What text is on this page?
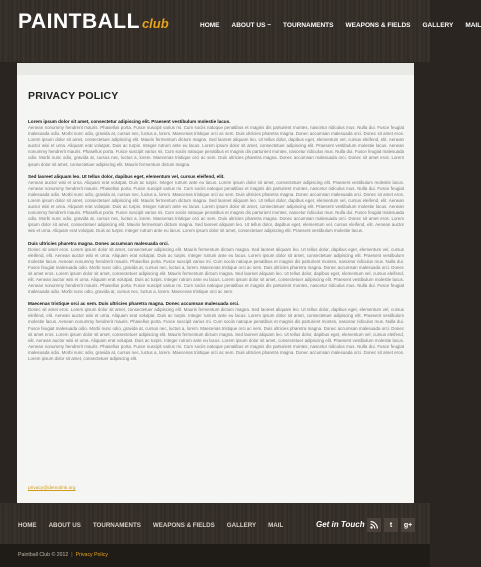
PAINTBALL club	HOME ABOUT US ~ TOURNAMENTS WEAPONS & FIELDS GALLERY MAIL
PRIVACY POLICY
Lorem ipsum dolor sit amet, consectetur adipiscing elit. Praesent vestibulum molestie lacus.
Aenean nonummy hendrerit mauris. Phasellus porta. Fusce suscipit varius mi. Cum sociis natoque penatibus et magnis dis parturient montes, nascetur ridiculus mus. Nulla dui. Fusce feugiat malesuada odio. Morbi nunc odio, gravida at, cursus nec, luctus a, lorem. Maecenas tristique orci ac sem. Duis ultricies pharetra magna. Donec accumsan malesuada orci. Donec sit amet eros. Lorem ipsum dolor sit amet, consectetuer adipiscing elit. Mauris fermentum dictum magna. Sed laoreet aliquam leo. Ut tellus dolor, dapibus eget, elementum vel, cursus eleifend, elit. Aenean auctor wisi et urna. Aliquam erat volutpat. Duis ac turpis. Integer rutrum ante eu lacus. Lorem ipsum dolor sit amet, consectetuer adipiscing elit. Praesent vestibulum molestie lacus. Aenean nonummy hendrerit mauris. Phasellus porta. Fusce suscipit varius mi. Cum sociis natoque penatibus et magnis dis parturient montes, nascetur ridiculus mus. Nulla dui. Fusce feugiat malesuada odio. Morbi nunc odio, gravida at, cursus nec, luctus a, lorem. Maecenas tristique orci ac sem. Duis ultricies pharetra magna. Donec accumsan malesuada orci. Donec sit amet eros. Lorem ipsum dolor sit amet, consectetuer adipiscing elit. Mauris fermentum dictum magna.
Sed laoreet aliquam leo. Ut tellus dolor, dapibus eget, elementum vel, cursus eleifend, elit.
Aenean auctor wisi et urna. Aliquam erat volutpat. Duis ac turpis. Integer rutrum ante eu lacus. Lorem ipsum dolor sit amet, consectetuer adipiscing elit. Praesent vestibulum molestie lacus. Aenean nonummy hendrerit mauris. Phasellus porta. Fusce suscipit varius mi. Cum sociis natoque penatibus et magnis dis parturient montes, nascetur ridiculus mus. Nulla dui. Fusce feugiat malesuada odio. Morbi nunc odio, gravida at, cursus nec, luctus a, lorem. Maecenas tristique orci ac sem. Duis ultricies pharetra magna. Donec accumsan malesuada orci. Donec sit amet eros. Lorem ipsum dolor sit amet, consectetuer adipiscing elit. Mauris fermentum dictum magna. Sed laoreet aliquam leo. Ut tellus dolor, dapibus eget, elementum vel, cursus eleifend, elit. Aenean auctor wisi et urna. Aliquam erat volutpat. Duis ac turpis. Integer rutrum ante eu lacus. Lorem ipsum dolor sit amet, consectetuer adipiscing elit. Praesent vestibulum molestie lacus. Aenean nonummy hendrerit mauris. Phasellus porta. Fusce suscipit varius mi. Cum sociis natoque penatibus et magnis dis parturient montes, nascetur ridiculus mus. Nulla dui. Fusce feugiat malesuada odio. Morbi nunc odio, gravida at, cursus nec, luctus a, lorem. Maecenas tristique orci ac sem. Duis ultricies pharetra magna. Donec accumsan malesuada orci. Donec sit amet eros. Lorem ipsum dolor sit amet, consectetuer adipiscing elit. Mauris fermentum dictum magna. Sed laoreet aliquam leo. Ut tellus dolor, dapibus eget, elementum vel, cursus eleifend, elit. Aenean auctor wisi et urna. Aliquam erat volutpat. Duis ac turpis. Integer rutrum ante eu lacus. Lorem ipsum dolor sit amet, consectetuer adipiscing elit. Praesent vestibulum molestie lacus.
Duis ultricies pharetra magna. Donec accumsan malesuada orci.
Donec sit amet eros. Lorem ipsum dolor sit amet, consectetuer adipiscing elit. Mauris fermentum dictum magna. Sed laoreet aliquam leo. Ut tellus dolor, dapibus eget, elementum vel, cursus eleifend, elit. Aenean auctor wisi et urna. Aliquam erat volutpat. Duis ac turpis. Integer rutrum ante eu lacus. Lorem ipsum dolor sit amet, consectetuer adipiscing elit. Praesent vestibulum molestie lacus. Aenean nonummy hendrerit mauris. Phasellus porta. Fusce suscipit varius mi. Cum sociis natoque penatibus et magnis dis parturient montes, nascetur ridiculus mus. Nulla dui. Fusce feugiat malesuada odio. Morbi nunc odio, gravida at, cursus nec, luctus a, lorem. Maecenas tristique orci ac sem. Duis ultricies pharetra magna. Donec accumsan malesuada orci. Donec sit amet eros. Lorem ipsum dolor sit amet, consectetuer adipiscing elit. Mauris fermentum dictum magna. Sed laoreet aliquam leo. Ut tellus dolor, dapibus eget, elementum vel, cursus eleifend, elit. Aenean auctor wisi et urna. Aliquam erat volutpat. Duis ac turpis. Integer rutrum ante eu lacus. Lorem ipsum dolor sit amet, consectetuer adipiscing elit. Praesent vestibulum molestie lacus. Aenean nonummy hendrerit mauris. Phasellus porta. Fusce suscipit varius mi. Cum sociis natoque penatibus et magnis dis parturient montes, nascetur ridiculus mus. Nulla dui. Fusce feugiat malesuada odio. Morbi nunc odio, gravida at, cursus nec, luctus a, lorem. Maecenas tristique orci ac sem.
Maecenas tristique orci ac sem. Duis ultricies pharetra magna. Donec accumsan malesuada orci.
Donec sit amet eros. Lorem ipsum dolor sit amet, consectetuer adipiscing elit. Mauris fermentum dictum magna. Sed laoreet aliquam leo. Ut tellus dolor, dapibus eget, elementum vel, cursus eleifend, elit. Aenean auctor wisi et urna. Aliquam erat volutpat. Duis ac turpis. Integer rutrum ante eu lacus. Lorem ipsum dolor sit amet, consectetuer adipiscing elit. Praesent vestibulum molestie lacus. Aenean nonummy hendrerit mauris. Phasellus porta. Fusce suscipit varius mi. Cum sociis natoque penatibus et magnis dis parturient montes, nascetur ridiculus mus. Nulla dui. Fusce feugiat malesuada odio. Morbi nunc odio, gravida at, cursus nec, luctus a, lorem. Maecenas tristique orci ac sem. Duis ultricies pharetra magna. Donec accumsan malesuada orci. Donec sit amet eros. Lorem ipsum dolor sit amet, consectetuer adipiscing elit. Mauris fermentum dictum magna. Sed laoreet aliquam leo. Ut tellus dolor, dapibus eget, elementum vel, cursus eleifend, elit. Aenean auctor wisi et urna. Aliquam erat volutpat. Duis ac turpis. Integer rutrum ante eu lacus. Lorem ipsum dolor sit amet, consectetuer adipiscing elit. Praesent vestibulum molestie lacus. Aenean nonummy hendrerit mauris. Phasellus porta. Fusce suscipit varius mi. Cum sociis natoque penatibus et magnis dis parturient montes, nascetur ridiculus mus. Nulla dui. Fusce feugiat malesuada odio. Morbi nunc odio, gravida at, cursus nec, luctus a, lorem. Maecenas tristique orci ac sem. Duis ultricies pharetra magna. Donec accumsan malesuada orci. Donec sit amet eros. Lorem ipsum dolor sit amet, consectetuer adipiscing elit.
privacy@demolink.org
HOME ABOUT US TOURNAMENTS WEAPONS & FIELDS GALLERY MAIL	Get in Touch	t	g+
Paintball Club © 2012 | Privacy Policy
